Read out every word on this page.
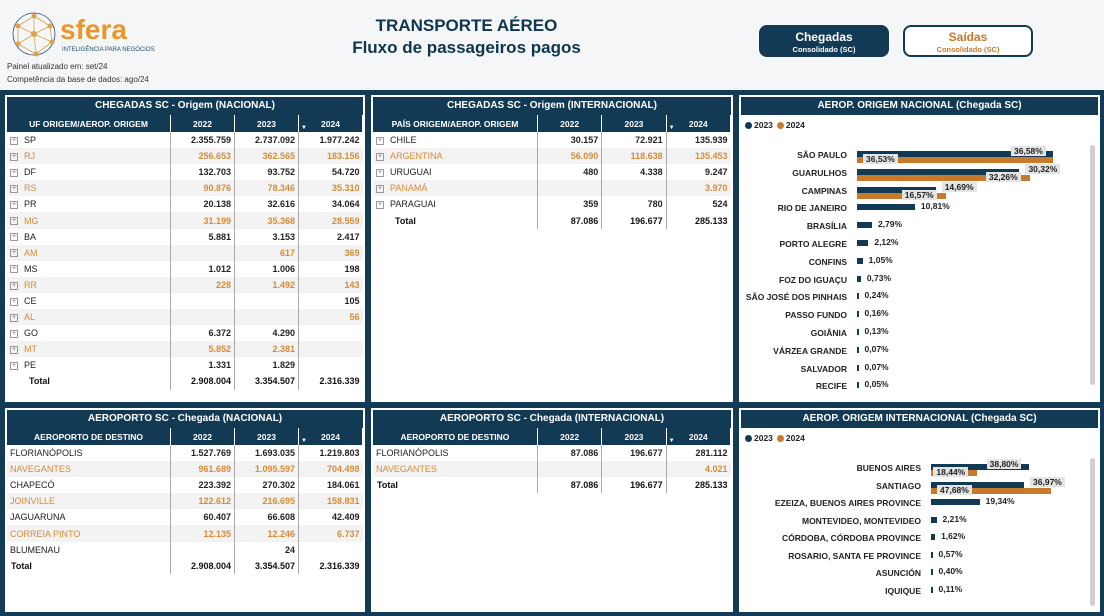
sfera
INTELIGÊNCIA PARA NEGÓCIOS
Painel atualizado em: set/24
Competência da base de dados: ago/24
TRANSPORTE AÉREO
Fluxo de passageiros pagos
Chegadas
Consolidado (SC)
Saídas
Consolidado (SC)
CHEGADAS SC - Origem (NACIONAL)
UF ORIGEM/AEROP. ORIGEM	2022	2023	2024
▼

+ SP	2.355.759	2.737.092	1.977.242
+ RJ	256.653	362.565	183.156
+ DF	132.703	93.752	54.720
+ RS	90.876	78.346	35.310
+ PR	20.138	32.616	34.064
+ MG	31.199	35.368	28.559
+ BA	5.881	3.153	2.417
+ AM		617	369
+ MS	1.012	1.006	198
+ RR	228	1.492	143
+ CE			105
+ AL			56
+ GO	6.372	4.290	
+ MT	5.852	2.381	
+ PE	1.331	1.829	
Total	2.908.004	3.354.507	2.316.339
CHEGADAS SC - Origem (INTERNACIONAL)
PAÍS ORIGEM/AEROP. ORIGEM	2022	2023	2024
▼

+ CHILE	30.157	72.921	135.939
+ ARGENTINA	56.090	118.638	135.453
+ URUGUAI	480	4.338	9.247
+ PANAMÁ			3.970
+ PARAGUAI	359	780	524
Total	87.086	196.677	285.133
AEROPORTO SC - Chegada (NACIONAL)
AEROPORTO DE DESTINO	2022	2023	2024
▼

FLORIANÓPOLIS	1.527.769	1.693.035	1.219.803
NAVEGANTES	961.689	1.095.597	704.498
CHAPECÓ	223.392	270.302	184.061
JOINVILLE	122.612	216.695	158.831
JAGUARUNA	60.407	66.608	42.409
CORREIA PINTO	12.135	12.246	6.737
BLUMENAU		24	
Total	2.908.004	3.354.507	2.316.339
AEROPORTO SC - Chegada (INTERNACIONAL)
AEROPORTO DE DESTINO	2022	2023	2024
▼

FLORIANÓPOLIS	87.086	196.677	281.112
NAVEGANTES			4.021
Total	87.086	196.677	285.133
AEROP. ORIGEM NACIONAL (Chegada SC)
2023 2024
SÃO PAULO	36,58%
36,53%
GUARULHOS	30,32%
32,26%
CAMPINAS	14,69%
16,57%
RIO DE JANEIRO	10,81%
BRASÍLIA	2,79%
PORTO ALEGRE	2,12%
CONFINS	1,05%
FOZ DO IGUAÇU 0,73%
SÃO JOSÉ DOS PINHAIS 0,24%
PASSO FUNDO 0,16%
GOIÂNIA 0,13%
VÁRZEA GRANDE 0,07%
SALVADOR 0,07%
RECIFE 0,05%
AEROP. ORIGEM INTERNACIONAL (Chegada SC)
2023 2024
BUENOS AIRES	38,80%
18,44%
SANTIAGO	36,97%
47,68%
EZEIZA, BUENOS AIRES PROVINCE	19,34%
MONTEVIDEO, MONTEVIDEO	2,21%
CÓRDOBA, CÓRDOBA PROVINCE 1,62%
ROSARIO, SANTA FE PROVINCE 0,57%
ASUNCIÓN 0,40%
IQUIQUE 0,11%
